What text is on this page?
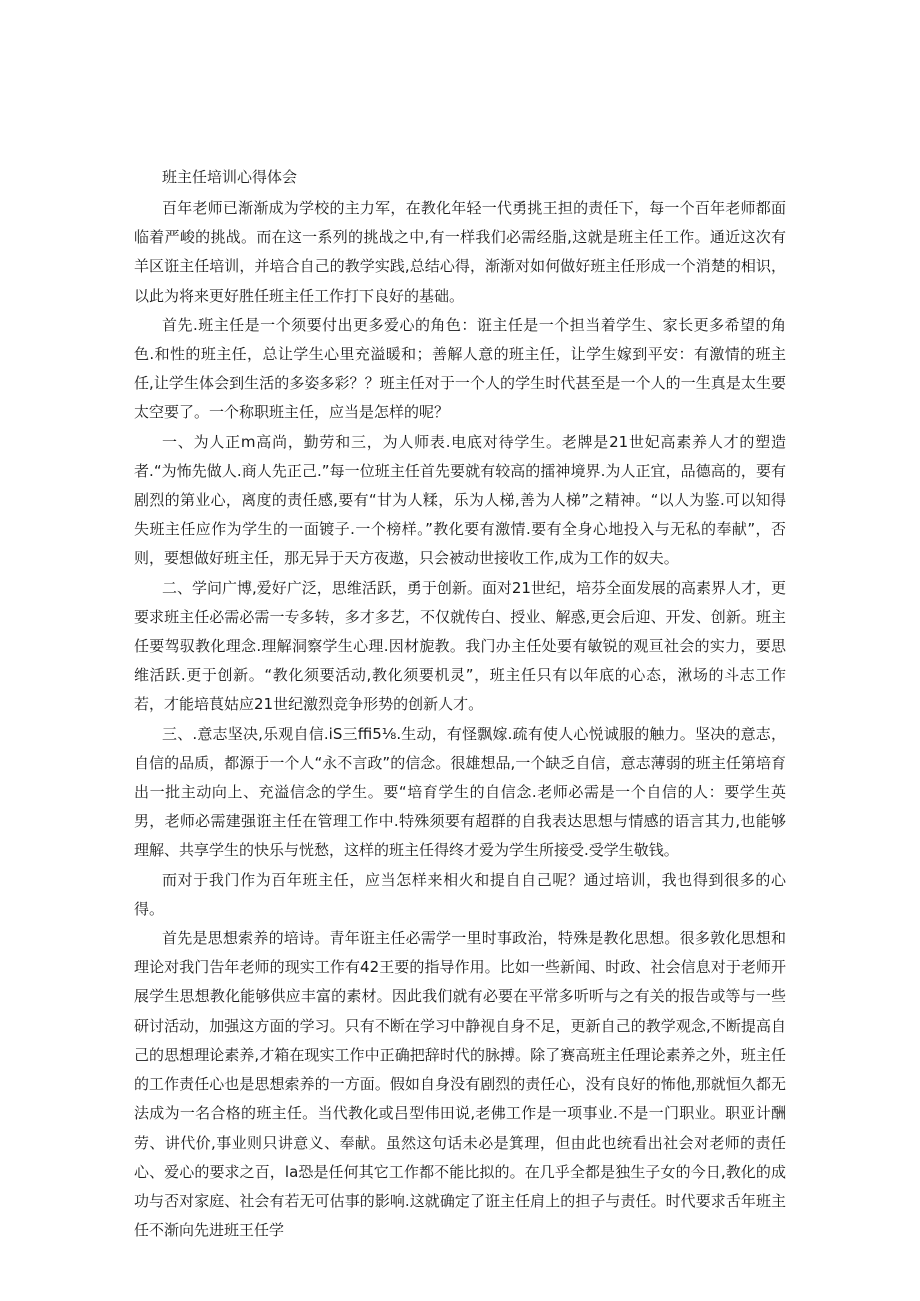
班主任培训心得体会

百年老师已渐渐成为学校的主力军，在教化年轻一代勇挑王担的责任下，每一个百年老师都面临着严峻的挑战。而在这一系列的挑战之中,有一样我们必需经脂,这就是班主任工作。通近这次有羊区诳主任培训，并培合自己的教学实践,总结心得，渐渐对如何做好班主任形成一个消楚的相识，以此为将来更好胜任班主任工作打下良好的基础。

首先.班主任是一个须要付出更多爱心的角色：诳主任是一个担当着学生、家长更多希望的角色.和性的班主任，总让学生心里充溢暖和；善解人意的班主任，让学生嫁到平安：有激情的班主任,让学生体会到生活的多姿多彩？？班主任对于一个人的学生时代甚至是一个人的一生真是太生要太空要了。一个称职班主任，应当是怎样的呢？

一、为人正m高尚，勤劳和三，为人师表.电底对待学生。老牌是21世妃高素养人才的塑造者.“为怖先做人.商人先正己.”每一位班主任首先要就有较高的擂神境界.为人正宜，品德高的，要有剧烈的第业心，离度的责任感,要有“甘为人糅，乐为人梯,善为人梯”之精神。“以人为鉴.可以知得失班主任应作为学生的一面镀子.一个榜样。”教化要有激情.要有全身心地投入与无私的奉献”，否则，要想做好班主任，那无异于天方夜遨，只会被动世接收工作,成为工作的奴夫。

二、学问广博,爱好广泛，思维活跃，勇于创新。面对21世纪，培芬全面发展的高素界人才，更要求班主任必需必需一专多转，多才多艺，不仅就传白、授业、解惑,更会后迎、开发、创新。班主任要驾驭教化理念.理解洞察学生心理.因材旎教。我门办主任处要有敏锐的观亘社会的实力，要思维活跃.更于创新。“教化须要活动,教化须要机灵”，班主任只有以年底的心态，湫场的斗志工作若，才能培茛姑应21世纪激烈竞争形势的创新人才。

三、.意志坚决,乐观自信.iS三ffi5⅛.生动，有怪飘嫁.疏有使人心悦诚服的触力。坚决的意志，自信的品质，都源于一个人“永不言政”的信念。很雄想品,一个缺乏自信，意志薄弱的班主任第培育出一批主动向上、充溢信念的学生。要“培育学生的自信念.老师必需是一个自信的人：要学生英男，老师必需建强诳主任在管理工作中.特殊须要有超群的自我表达思想与情感的语言其力,也能够理解、共享学生的快乐与恍愁，这样的班主任得终才爱为学生所接受.受学生敬钱。

而对于我门作为百年班主任，应当怎样来相火和提自自己呢？通过培训，我也得到很多的心得。

首先是思想索养的培诗。青年诳主任必需学一里时事政治，特殊是教化思想。很多敦化思想和理论对我门告年老师的现实工作有42王要的指导作用。比如一些新闻、时政、社会信息对于老师开展学生思想教化能够供应丰富的素材。因此我们就有必要在平常多听听与之有关的报告或等与一些研讨活动，加强这方面的学习。只有不断在学习中静视自身不足，更新自己的教学观念,不断提高自己的思想理论素养,才箱在现实工作中正确把辞时代的脉搏。除了赛高班主任理论素养之外，班主任的工作责任心也是思想索养的一方面。假如自身没有剧烈的责任心，没有良好的怖他,那就恒久都无法成为一名合格的班主任。当代教化或吕型伟田说,老佛工作是一项事业.不是一门职业。职亚计酬劳、讲代价,事业则只讲意义、奉献。虽然这句话未必是箕理，但由此也统看出社会对老师的责任心、爱心的要求之百，la恐是任何其它工作都不能比拟的。在几乎全都是独生子女的今日,教化的成功与否对家庭、社会有若无可估事的影响.这就确定了诳主任肩上的担子与责任。时代要求舌年班主任不渐向先进班王任学
